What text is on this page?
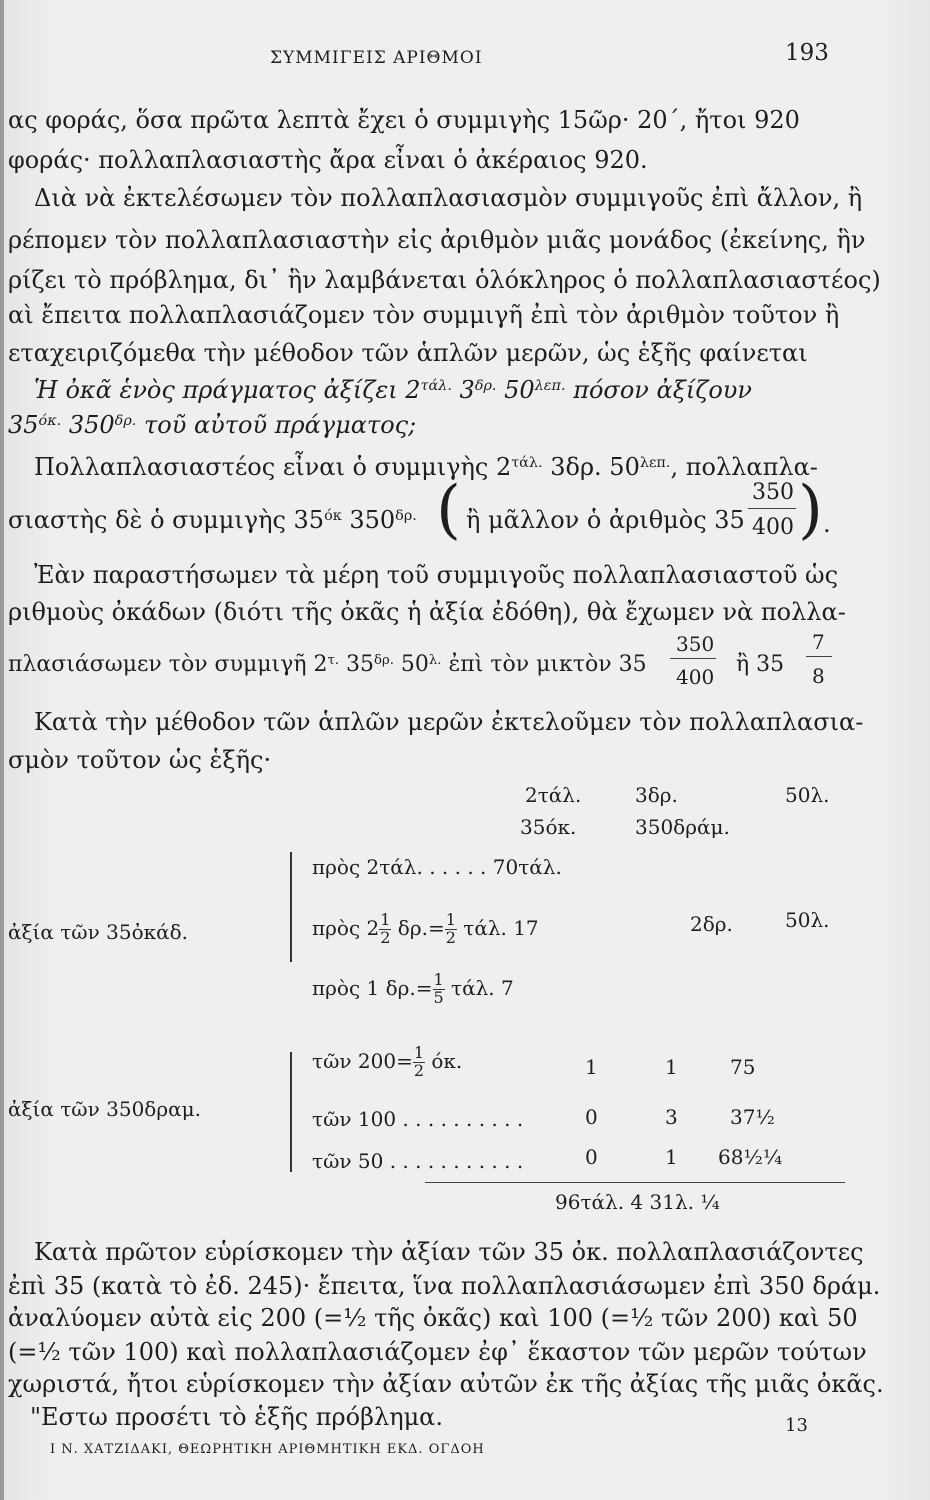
ΣΥΜΜΙΓΕΙΣ ΑΡΙΘΜΟΙ	193
ας φοράς, ὅσα πρῶτα λεπτὰ ἔχει ὁ συμμιγὴς 15ῶρ· 20΄, ἤτοι 920
φοράς· πολλαπλασιαστὴς ἄρα εἶναι ὁ ἀκέραιος 920.
Διὰ νὰ ἐκτελέσωμεν τὸν πολλαπλασιασμὸν συμμιγοῦς ἐπὶ ἄλλον, ἢ
ρέπομεν τὸν πολλαπλασιαστὴν εἰς ἀριθμὸν μιᾶς μονάδος (ἐκείνης, ἣν
ρίζει τὸ πρόβλημα, δι᾿ ἣν λαμβάνεται ὁλόκληρος ὁ πολλαπλασιαστέος)
αὶ ἔπειτα πολλαπλασιάζομεν τὸν συμμιγῆ ἐπὶ τὸν ἀριθμὸν τοῦτον ἢ
εταχειριζόμεθα τὴν μέθοδον τῶν ἁπλῶν μερῶν, ὡς ἑξῆς φαίνεται
Ἡ ὀκᾶ ἑνὸς πράγματος ἀξίζει $2^{\tau ά\lambda.}$ $3^{\delta\rho.}$ $50^{\lambda\varepsilon\pi.}$ πόσον ἀξίζουν
$35^{ό\kappa.}$ $350^{\delta\rho.}$ τοῦ αὐτοῦ πράγματος;
Πολλαπλασιαστέος εἶναι ὁ συμμιγὴς $2^{\tau ά\lambda.}$ 3δρ. $50^{\lambda\varepsilon\pi.}$, πολλαπλα-
σιαστὴς δὲ ὁ συμμιγὴς $35^{ό\kappa}$ $350^{\delta\rho.}$ ( ἢ μᾶλλον ὁ ἀριθμὸς 35
350
400 ) .
Ἐὰν παραστήσωμεν τὰ μέρη τοῦ συμμιγοῦς πολλαπλασιαστοῦ ὡς
ριθμοὺς ὀκάδων (διότι τῆς ὀκᾶς ἡ ἀξία ἐδόθη), θὰ ἔχωμεν νὰ πολλα-
πλασιάσωμεν τὸν συμμιγῆ $2^{\tau.}$ $35^{\delta\rho.}$ $50^{\lambda.}$ ἐπὶ τὸν μικτὸν 35
350
400 ἢ 35
7
8
Κατὰ τὴν μέθοδον τῶν ἁπλῶν μερῶν ἐκτελοῦμεν τὸν πολλαπλασια-
σμὸν τοῦτον ὡς ἑξῆς·
2τάλ.	3δρ.	50λ.
35όκ.	350δράμ.
ἀξία τῶν 35ὀκάδ.
ἀξία τῶν 350δραμ.
πρὸς 2τάλ. . . . . . 70τάλ.
πρὸς $2 \frac{1}{2} \delta\rho.= \frac{1}{2} \tau ά\lambda$. 17	2δρ.	50λ.
πρὸς 1 $\delta\rho.= \frac{1}{5} \tau ά\lambda$. 7
τῶν $200= \frac{1}{2} ό\kappa$.	1	1	75
τῶν 100 . . . . . . . . . .	0	3	37½
τῶν 50 . . . . . . . . . . .	0	1 68½¼
96τάλ. 4 31λ. ¼
Κατὰ πρῶτον εὑρίσκομεν τὴν ἀξίαν τῶν 35 ὀκ. πολλαπλασιάζοντες
ἐπὶ 35 (κατὰ τὸ ἐδ. 245)· ἔπειτα, ἵνα πολλαπλασιάσωμεν ἐπὶ 350 δράμ.
ἀναλύομεν αὐτὰ εἰς 200 (=½ τῆς ὀκᾶς) καὶ 100 (=½ τῶν 200) καὶ 50
(=½ τῶν 100) καὶ πολλαπλασιάζομεν ἐφ᾿ ἕκαστον τῶν μερῶν τούτων
χωριστά, ἤτοι εὑρίσκομεν τὴν ἀξίαν αὐτῶν ἐκ τῆς ἀξίας τῆς μιᾶς ὀκᾶς.
"Εστω προσέτι τὸ ἑξῆς πρόβλημα.
Ι Ν. ΧΑΤΖΙΔΑΚΙ, ΘΕΩΡΗΤΙΚΗ ΑΡΙΘΜΗΤΙΚΗ ΕΚΔ. ΟΓΔΟΗ
13
